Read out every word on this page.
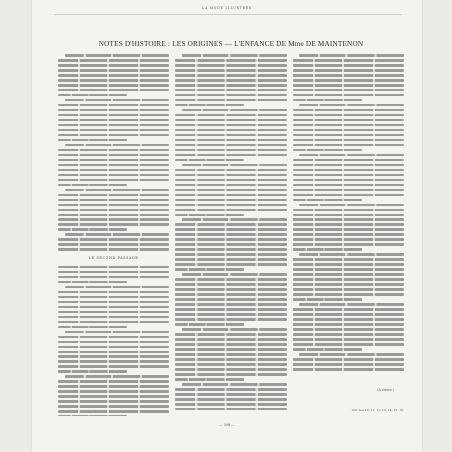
LA MODE ILLUSTRÉE
NOTES D'HISTOIRE : LES ORIGINES — L'ENFANCE DE Mme DE MAINTENON
LE SECOND PASSAGE
(A suivre.)
Voir nos 10, 11, 12, 13, 14, 15, 16.
— 398 —
